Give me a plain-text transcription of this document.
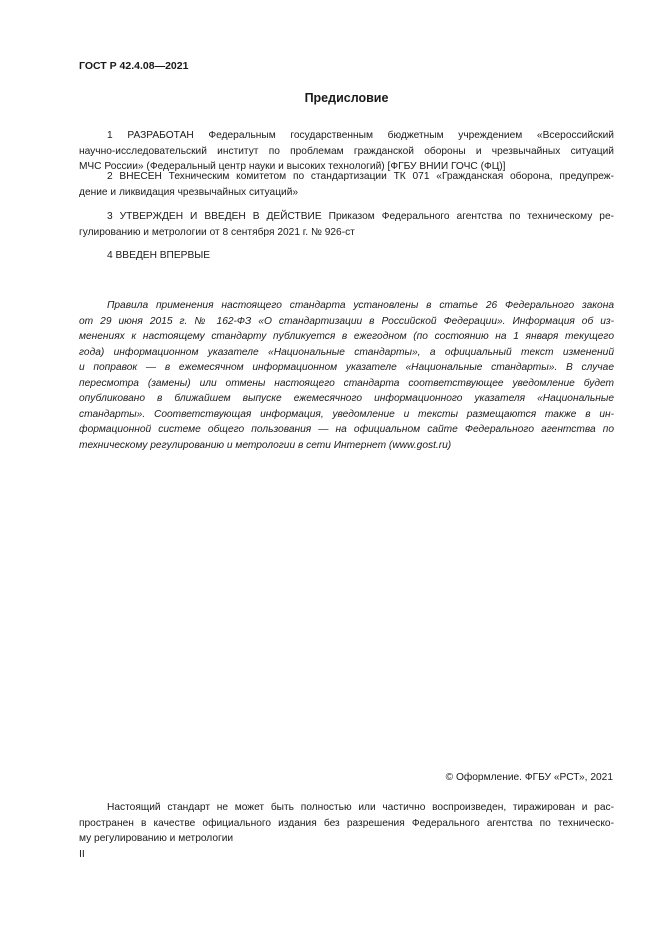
ГОСТ Р 42.4.08—2021
Предисловие
1 РАЗРАБОТАН Федеральным государственным бюджетным учреждением «Всероссийский
научно-исследовательский институт по проблемам гражданской обороны и чрезвычайных ситуаций
МЧС России» (Федеральный центр науки и высоких технологий) [ФГБУ ВНИИ ГОЧС (ФЦ)]
2 ВНЕСЕН Техническим комитетом по стандартизации ТК 071 «Гражданская оборона, предупреж-
дение и ликвидация чрезвычайных ситуаций»
3 УТВЕРЖДЕН И ВВЕДЕН В ДЕЙСТВИЕ Приказом Федерального агентства по техническому ре-
гулированию и метрологии от 8 сентября 2021 г. № 926-ст
4 ВВЕДЕН ВПЕРВЫЕ
Правила применения настоящего стандарта установлены в статье 26 Федерального закона
от 29 июня 2015 г. № 162-ФЗ «О стандартизации в Российской Федерации». Информация об из-
менениях к настоящему стандарту публикуется в ежегодном (по состоянию на 1 января текущего
года) информационном указателе «Национальные стандарты», а официальный текст изменений
и поправок — в ежемесячном информационном указателе «Национальные стандарты». В случае
пересмотра (замены) или отмены настоящего стандарта соответствующее уведомление будет
опубликовано в ближайшем выпуске ежемесячного информационного указателя «Национальные
стандарты». Соответствующая информация, уведомление и тексты размещаются также в ин-
формационной системе общего пользования — на официальном сайте Федерального агентства по
техническому регулированию и метрологии в сети Интернет (www.gost.ru)
© Оформление. ФГБУ «РСТ», 2021
Настоящий стандарт не может быть полностью или частично воспроизведен, тиражирован и рас-
пространен в качестве официального издания без разрешения Федерального агентства по техническо-
му регулированию и метрологии
II
